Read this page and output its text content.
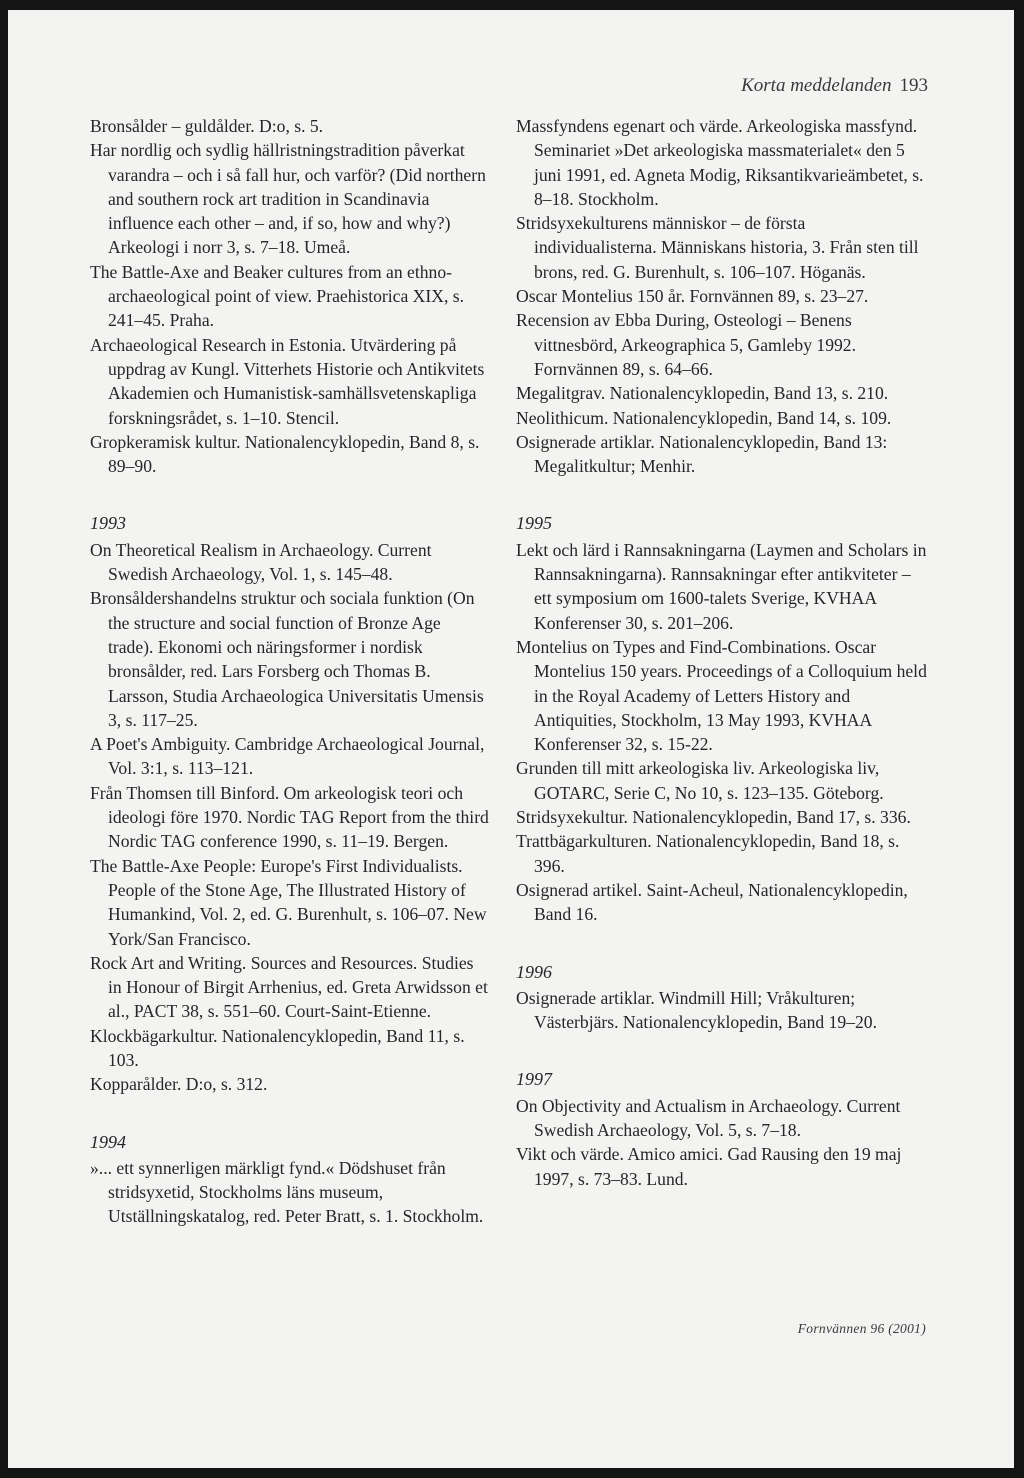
Korta meddelanden 193
Bronsålder – guldålder. D:o, s. 5.
Har nordlig och sydlig hällristningstradition påverkat varandra – och i så fall hur, och varför? (Did northern and southern rock art tradition in Scandinavia influence each other – and, if so, how and why?) Arkeologi i norr 3, s. 7–18. Umeå.
The Battle-Axe and Beaker cultures from an ethno-archaeological point of view. Praehistorica XIX, s. 241–45. Praha.
Archaeological Research in Estonia. Utvärdering på uppdrag av Kungl. Vitterhets Historie och Antikvitets Akademien och Humanistisk-samhällsvetenskapliga forskningsrådet, s. 1–10. Stencil.
Gropkeramisk kultur. Nationalencyklopedin, Band 8, s. 89–90.
1993
On Theoretical Realism in Archaeology. Current Swedish Archaeology, Vol. 1, s. 145–48.
Bronsåldershandelns struktur och sociala funktion (On the structure and social function of Bronze Age trade). Ekonomi och näringsformer i nordisk bronsålder, red. Lars Forsberg och Thomas B. Larsson, Studia Archaeologica Universitatis Umensis 3, s. 117–25.
A Poet's Ambiguity. Cambridge Archaeological Journal, Vol. 3:1, s. 113–121.
Från Thomsen till Binford. Om arkeologisk teori och ideologi före 1970. Nordic TAG Report from the third Nordic TAG conference 1990, s. 11–19. Bergen.
The Battle-Axe People: Europe's First Individualists. People of the Stone Age, The Illustrated History of Humankind, Vol. 2, ed. G. Burenhult, s. 106–07. New York/San Francisco.
Rock Art and Writing. Sources and Resources. Studies in Honour of Birgit Arrhenius, ed. Greta Arwidsson et al., PACT 38, s. 551–60. Court-Saint-Etienne.
Klockbägarkultur. Nationalencyklopedin, Band 11, s. 103.
Kopparålder. D:o, s. 312.
1994
»... ett synnerligen märkligt fynd.« Dödshuset från stridsyxetid, Stockholms läns museum, Utställningskatalog, red. Peter Bratt, s. 1. Stockholm.
Massfyndens egenart och värde. Arkeologiska massfynd. Seminariet »Det arkeologiska massmaterialet« den 5 juni 1991, ed. Agneta Modig, Riksantikvarieämbetet, s. 8–18. Stockholm.
Stridsyxekulturens människor – de första individualisterna. Människans historia, 3. Från sten till brons, red. G. Burenhult, s. 106–107. Höganäs.
Oscar Montelius 150 år. Fornvännen 89, s. 23–27.
Recension av Ebba During, Osteologi – Benens vittnesbörd, Arkeographica 5, Gamleby 1992. Fornvännen 89, s. 64–66.
Megalitgrav. Nationalencyklopedin, Band 13, s. 210.
Neolithicum. Nationalencyklopedin, Band 14, s. 109.
Osignerade artiklar. Nationalencyklopedin, Band 13: Megalitkultur; Menhir.
1995
Lekt och lärd i Rannsakningarna (Laymen and Scholars in Rannsakningarna). Rannsakningar efter antikviteter – ett symposium om 1600-talets Sverige, KVHAA Konferenser 30, s. 201–206.
Montelius on Types and Find-Combinations. Oscar Montelius 150 years. Proceedings of a Colloquium held in the Royal Academy of Letters History and Antiquities, Stockholm, 13 May 1993, KVHAA Konferenser 32, s. 15-22.
Grunden till mitt arkeologiska liv. Arkeologiska liv, GOTARC, Serie C, No 10, s. 123–135. Göteborg.
Stridsyxekultur. Nationalencyklopedin, Band 17, s. 336.
Trattbägarkulturen. Nationalencyklopedin, Band 18, s. 396.
Osignerad artikel. Saint-Acheul, Nationalencyklopedin, Band 16.
1996
Osignerade artiklar. Windmill Hill; Vråkulturen; Västerbjärs. Nationalencyklopedin, Band 19–20.
1997
On Objectivity and Actualism in Archaeology. Current Swedish Archaeology, Vol. 5, s. 7–18.
Vikt och värde. Amico amici. Gad Rausing den 19 maj 1997, s. 73–83. Lund.
Fornvännen 96 (2001)
